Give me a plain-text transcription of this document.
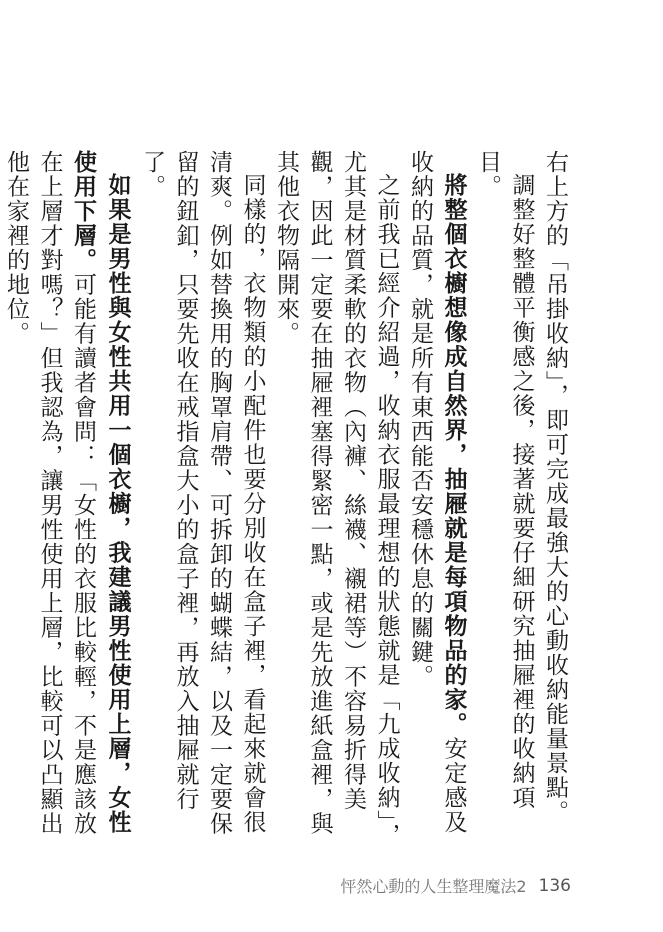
右上方的「吊掛收納」，即可完成最強大的心動收納能量景點。

調整好整體平衡感之後，接著就要仔細研究抽屜裡的收納項目。

將整個衣櫥想像成自然界，抽屜就是每項物品的家。安定感及收納的品質，就是所有東西能否安穩休息的關鍵。

之前我已經介紹過，收納衣服最理想的狀態就是「九成收納」，尤其是材質柔軟的衣物（內褲、絲襪、襯裙等）不容易折得美觀，因此一定要在抽屜裡塞得緊密一點，或是先放進紙盒裡，與其他衣物隔開來。

同樣的，衣物類的小配件也要分別收在盒子裡，看起來就會很清爽。例如替換用的胸罩肩帶、可拆卸的蝴蝶結，以及一定要保留的鈕釦，只要先收在戒指盒大小的盒子裡，再放入抽屜就行了。

如果是男性與女性共用一個衣櫥，我建議男性使用上層，女性使用下層。可能有讀者會問：「女性的衣服比較輕，不是應該放在上層才對嗎？」但我認為，讓男性使用上層，比較可以凸顯出他在家裡的地位。

怦然心動的人生整理魔法2 136
